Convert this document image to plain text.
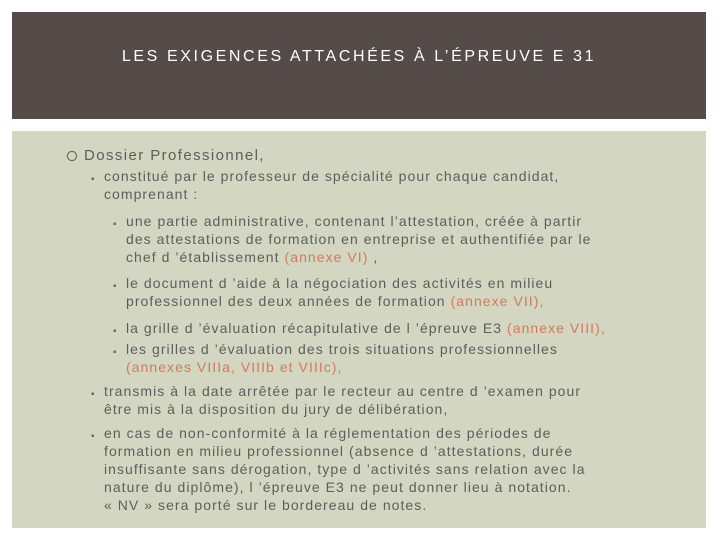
LES EXIGENCES ATTACHÉES À L’ÉPREUVE E 31
Dossier Professionnel,
▪ constitué par le professeur de spécialité pour chaque candidat,
comprenant :
▪ une partie administrative, contenant l’attestation, créée à partir
des attestations de formation en entreprise et authentifiée par le
chef d ’établissement (annexe VI) ,
▪ le document d ’aide à la négociation des activités en milieu
professionnel des deux années de formation (annexe VII),
▪ la grille d ’évaluation récapitulative de l ’épreuve E3 (annexe VIII),
▪ les grilles d ’évaluation des trois situations professionnelles
(annexes VIIIa, VIIIb et VIIIc),
▪ transmis à la date arrêtée par le recteur au centre d ’examen pour
être mis à la disposition du jury de délibération,
▪ en cas de non-conformité à la réglementation des périodes de
formation en milieu professionnel (absence d ’attestations, durée
insuffisante sans dérogation, type d ’activités sans relation avec la
nature du diplôme), l ’épreuve E3 ne peut donner lieu à notation.
« NV » sera porté sur le bordereau de notes.
